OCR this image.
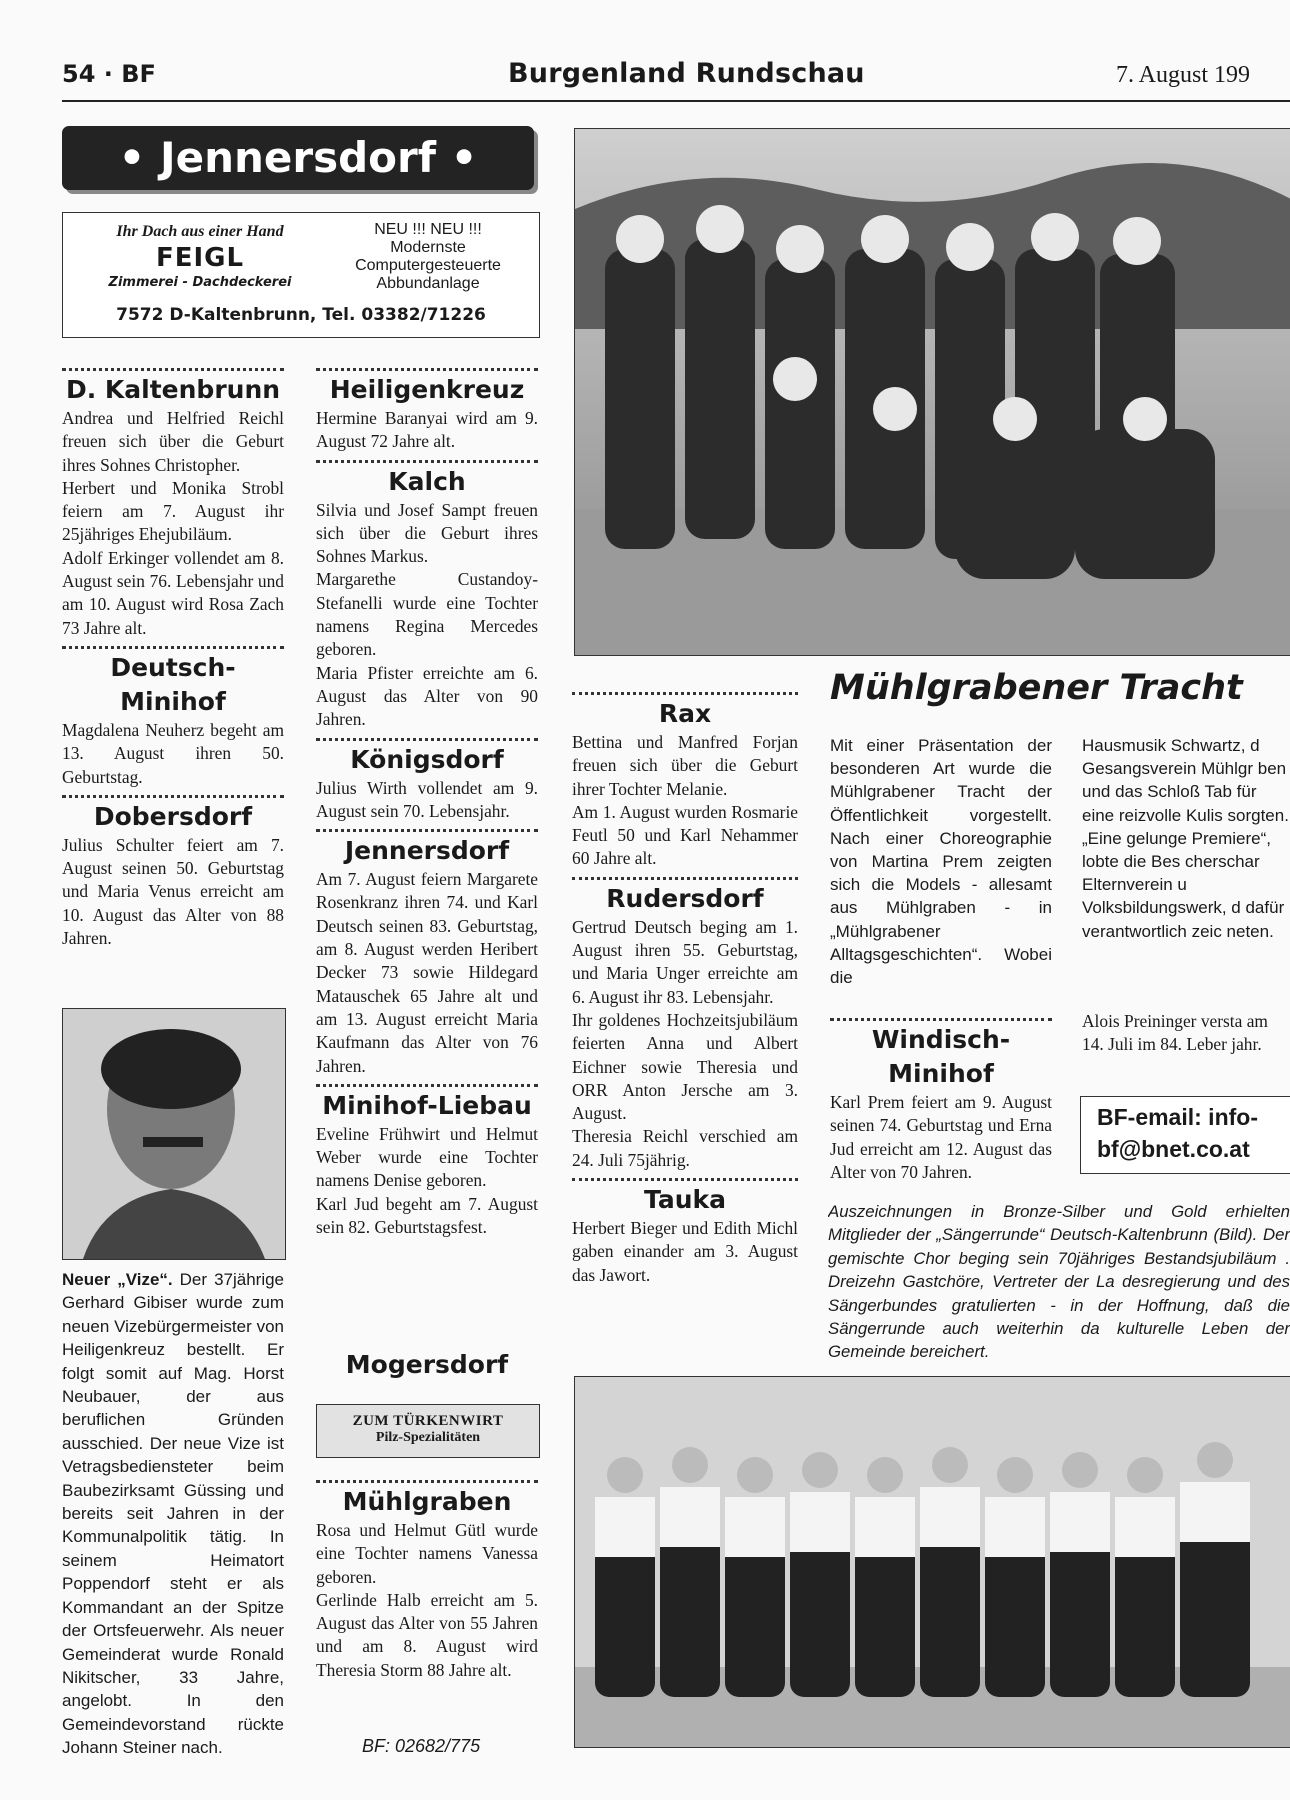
54 · BF	Burgenland Rundschau	7. August 199
• Jennersdorf •
Ihr Dach aus einer Hand
FEIGL
Zimmerei - Dachdeckerei
NEU !!! NEU !!!
Modernste
Computergesteuerte
Abbundanlage
7572 D-Kaltenbrunn, Tel. 03382/71226
D. Kaltenbrunn

Andrea und Helfried Reichl freuen sich über die Geburt ihres Sohnes Christopher.

Herbert und Monika Strobl feiern am 7. August ihr 25jähriges Ehejubiläum.

Adolf Erkinger vollendet am 8. August sein 76. Lebensjahr und am 10. August wird Rosa Zach 73 Jahre alt.

Deutsch-Minihof

Magdalena Neuherz begeht am 13. August ihren 50. Geburtstag.

Dobersdorf

Julius Schulter feiert am 7. August seinen 50. Geburtstag und Maria Venus erreicht am 10. August das Alter von 88 Jahren.

Heiligenkreuz

Hermine Baranyai wird am 9. August 72 Jahre alt.

Kalch

Silvia und Josef Sampt freuen sich über die Geburt ihres Sohnes Markus.

Margarethe Custandoy-Stefanelli wurde eine Tochter namens Regina Mercedes geboren.

Maria Pfister erreichte am 6. August das Alter von 90 Jahren.

Königsdorf

Julius Wirth vollendet am 9. August sein 70. Lebensjahr.

Jennersdorf

Am 7. August feiern Margarete Rosenkranz ihren 74. und Karl Deutsch seinen 83. Geburtstag, am 8. August werden Heribert Decker 73 sowie Hildegard Matauschek 65 Jahre alt und am 13. August erreicht Maria Kaufmann das Alter von 76 Jahren.

Minihof-Liebau

Eveline Frühwirt und Helmut Weber wurde eine Tochter namens Denise geboren.

Karl Jud begeht am 7. August sein 82. Geburtstagsfest.

Mogersdorf
ZUM TÜRKENWIRT
Pilz-Spezialitäten
Mühlgraben

Rosa und Helmut Gütl wurde eine Tochter namens Vanessa geboren.

Gerlinde Halb erreicht am 5. August das Alter von 55 Jahren und am 8. August wird Theresia Storm 88 Jahre alt.

Rax

Bettina und Manfred Forjan freuen sich über die Geburt ihrer Tochter Melanie.

Am 1. August wurden Rosmarie Feutl 50 und Karl Nehammer 60 Jahre alt.

Rudersdorf

Gertrud Deutsch beging am 1. August ihren 55. Geburtstag, und Maria Unger erreichte am 6. August ihr 83. Lebensjahr.

Ihr goldenes Hochzeitsjubiläum feierten Anna und Albert Eichner sowie Theresia und ORR Anton Jersche am 3. August.

Theresia Reichl verschied am 24. Juli 75jährig.

Tauka

Herbert Bieger und Edith Michl gaben einander am 3. August das Jawort.

Mühlgrabener Tracht
Mit einer Präsentation der besonderen Art wurde die Mühlgrabener Tracht der Öffentlichkeit vorgestellt. Nach einer Choreographie von Martina Prem zeigten sich die Models - allesamt aus Mühlgraben - in „Mühlgrabener Alltagsgeschichten“. Wobei die
Hausmusik Schwartz, d Gesangsverein Mühlgr ben und das Schloß Tab für eine reizvolle Kulis sorgten. „Eine gelunge Premiere“, lobte die Bes cherschar Elternverein u Volksbildungswerk, d dafür verantwortlich zeic neten.
Windisch-Minihof

Karl Prem feiert am 9. August seinen 74. Geburtstag und Erna Jud erreicht am 12. August das Alter von 70 Jahren.

Alois Preininger versta am 14. Juli im 84. Leber jahr.
BF-email: info-
bf@bnet.co.at
Auszeichnungen in Bronze-Silber und Gold erhielten Mitglieder der „Sängerrunde“ Deutsch-Kaltenbrunn (Bild). Der gemischte Chor beging sein 70jähriges Bestandsjubiläum . Dreizehn Gastchöre, Vertreter der La desregierung und des Sängerbundes gratulierten - in der Hoffnung, daß die Sängerrunde auch weiterhin da kulturelle Leben der Gemeinde bereichert.
Neuer „Vize“. Der 37jährige Gerhard Gibiser wurde zum neuen Vizebürgermeister von Heiligenkreuz bestellt. Er folgt somit auf Mag. Horst Neubauer, der aus beruflichen Gründen ausschied. Der neue Vize ist Vetragsbediensteter beim Baubezirksamt Güssing und bereits seit Jahren in der Kommunalpolitik tätig. In seinem Heimatort Poppendorf steht er als Kommandant an der Spitze der Ortsfeuerwehr. Als neuer Gemeinderat wurde Ronald Nikitscher, 33 Jahre, angelobt. In den Gemeindevorstand rückte Johann Steiner nach.	BF: 02682/775
